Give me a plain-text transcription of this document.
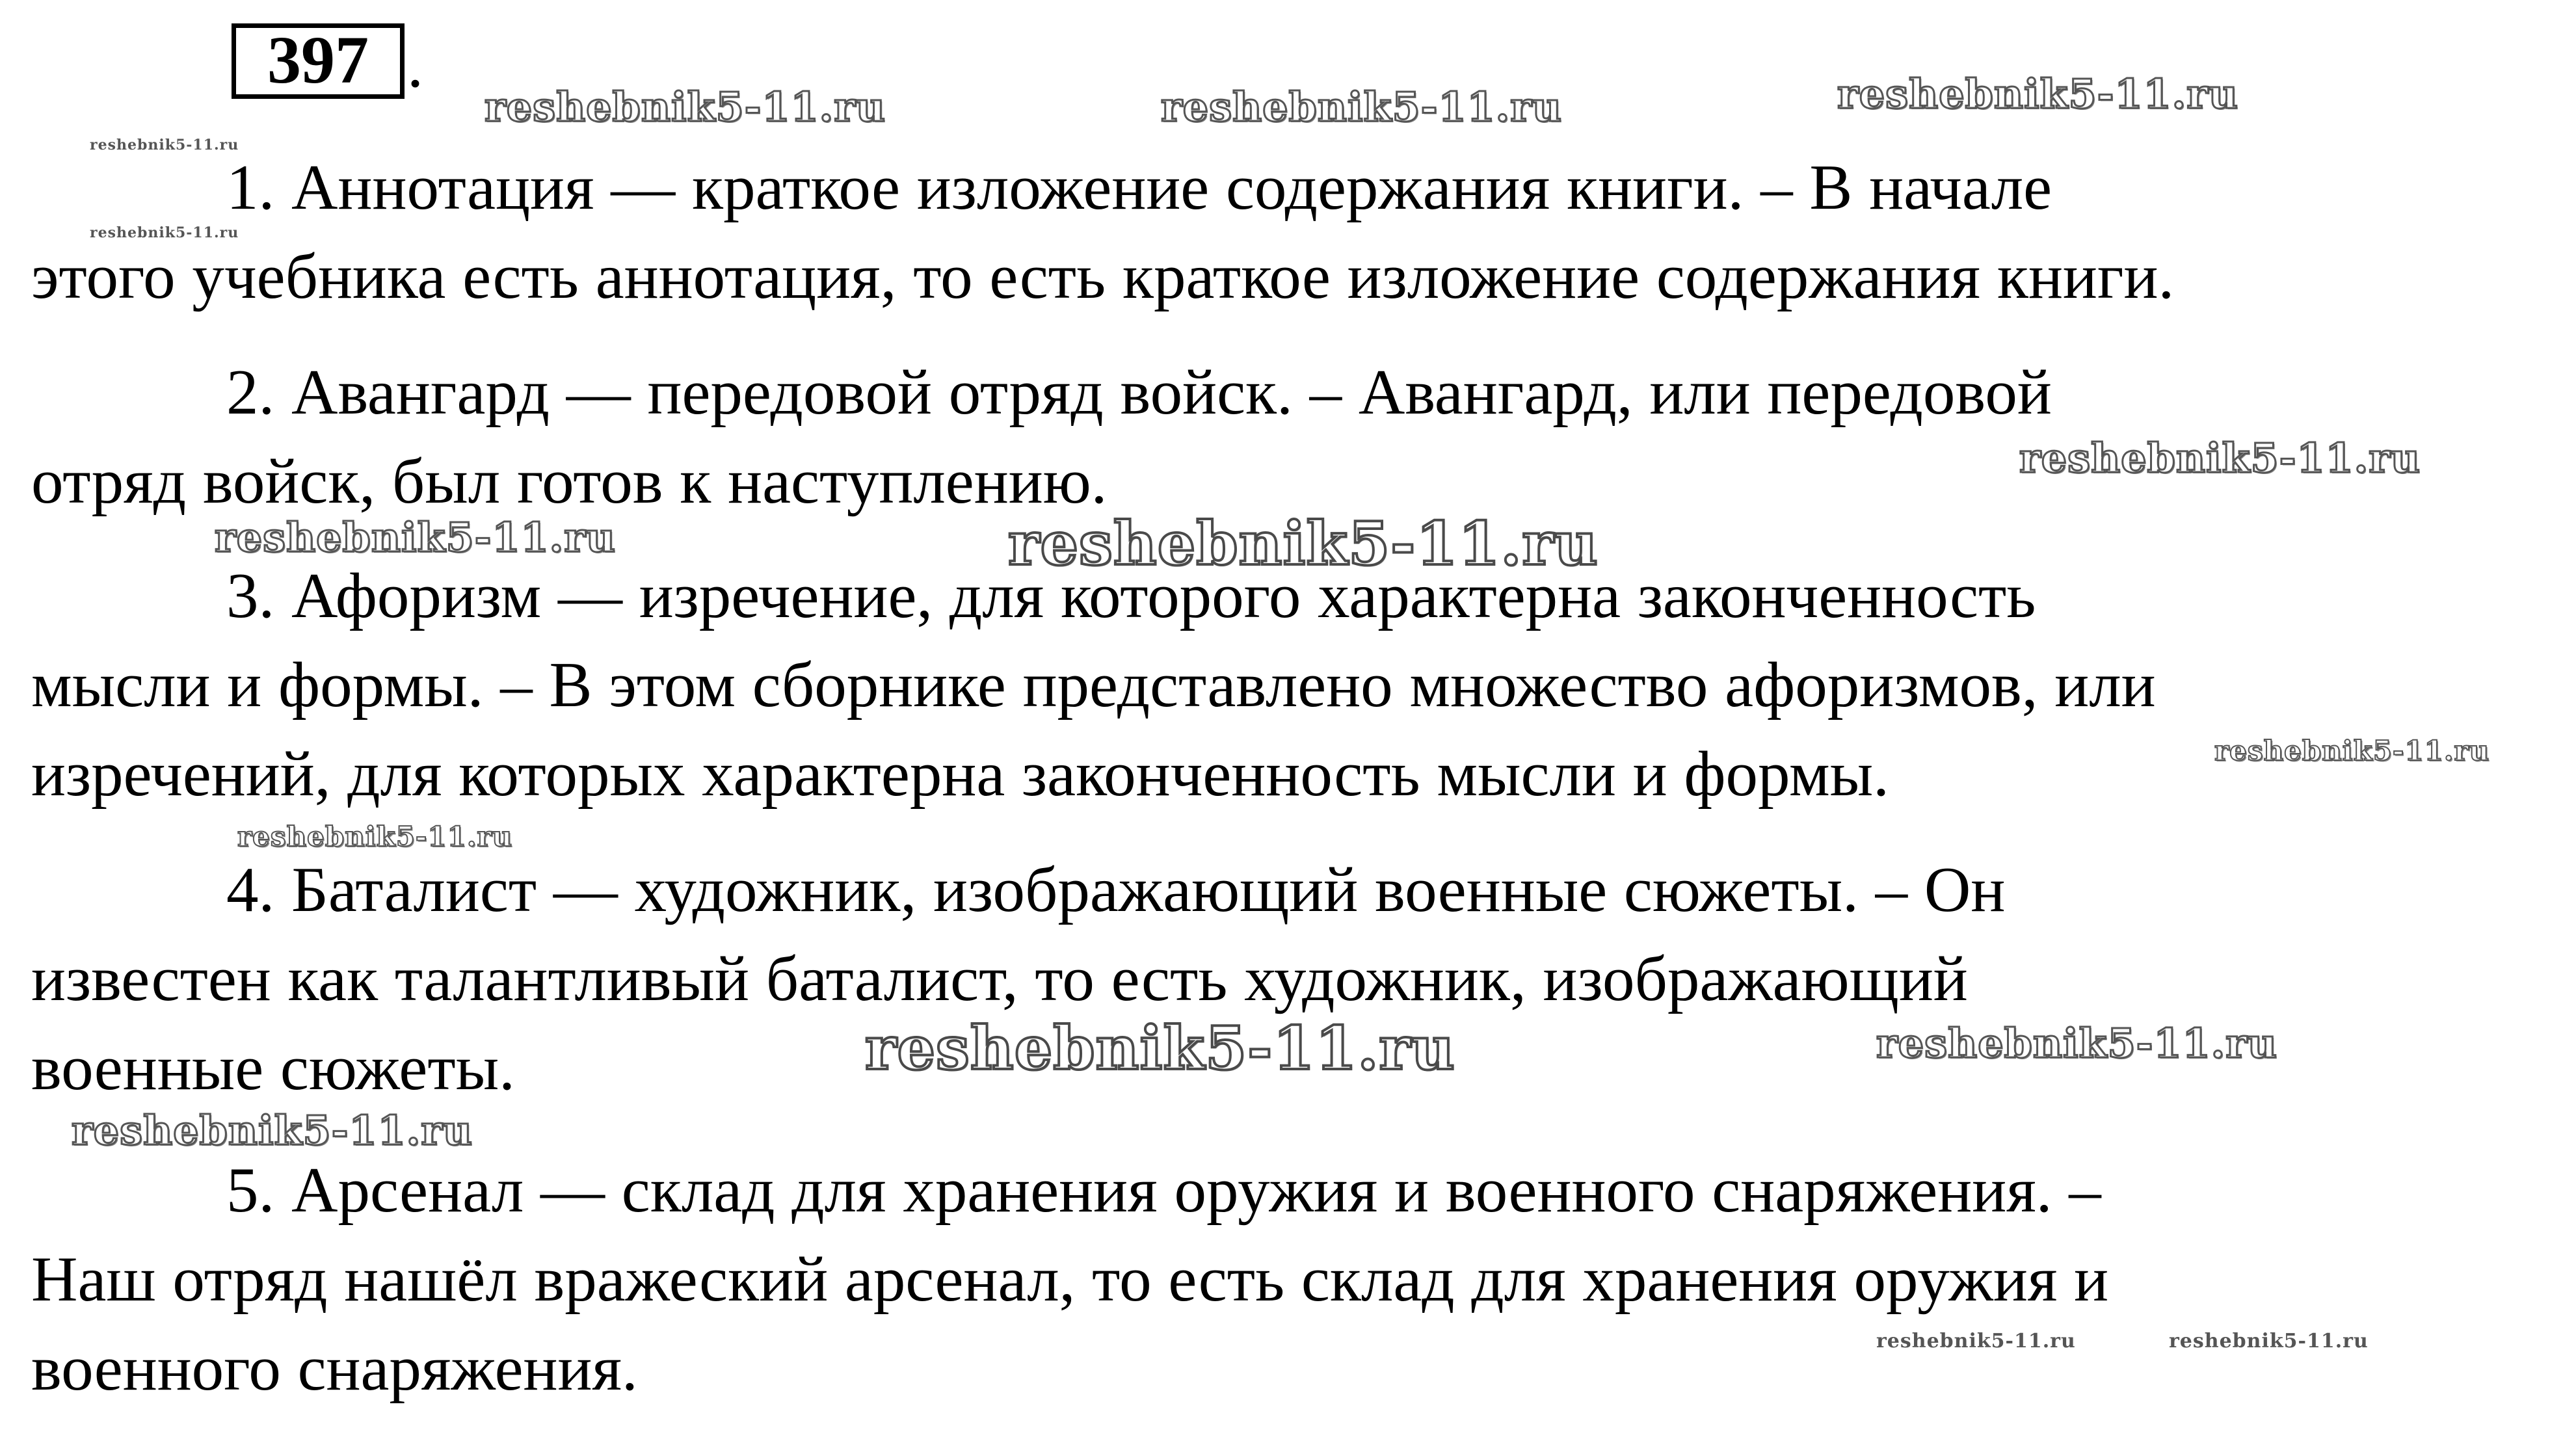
397 .
1. Аннотация — краткое изложение содержания книги. – В начале
этого учебника есть аннотация, то есть краткое изложение содержания книги.
2. Авангард — передовой отряд войск. – Авангард, или передовой
отряд войск, был готов к наступлению.
3. Афоризм — изречение, для которого характерна законченность
мысли и формы. – В этом сборнике представлено множество афоризмов, или
изречений, для которых характерна законченность мысли и формы.
4. Баталист — художник, изображающий военные сюжеты. – Он
известен как талантливый баталист, то есть художник, изображающий
военные сюжеты.
5. Арсенал — склад для хранения оружия и военного снаряжения. –
Наш отряд нашёл вражеский арсенал, то есть склад для хранения оружия и
военного снаряжения.
reshebnik5-11.ru	reshebnik5-11.ru	reshebnik5-11.ru
reshebnik5-11.ru
reshebnik5-11.ru
reshebnik5-11.ru
reshebnik5-11.ru	reshebnik5-11.ru
reshebnik5-11.ru
reshebnik5-11.ru
reshebnik5-11.ru	reshebnik5-11.ru
reshebnik5-11.ru
reshebnik5-11.ru	reshebnik5-11.ru
